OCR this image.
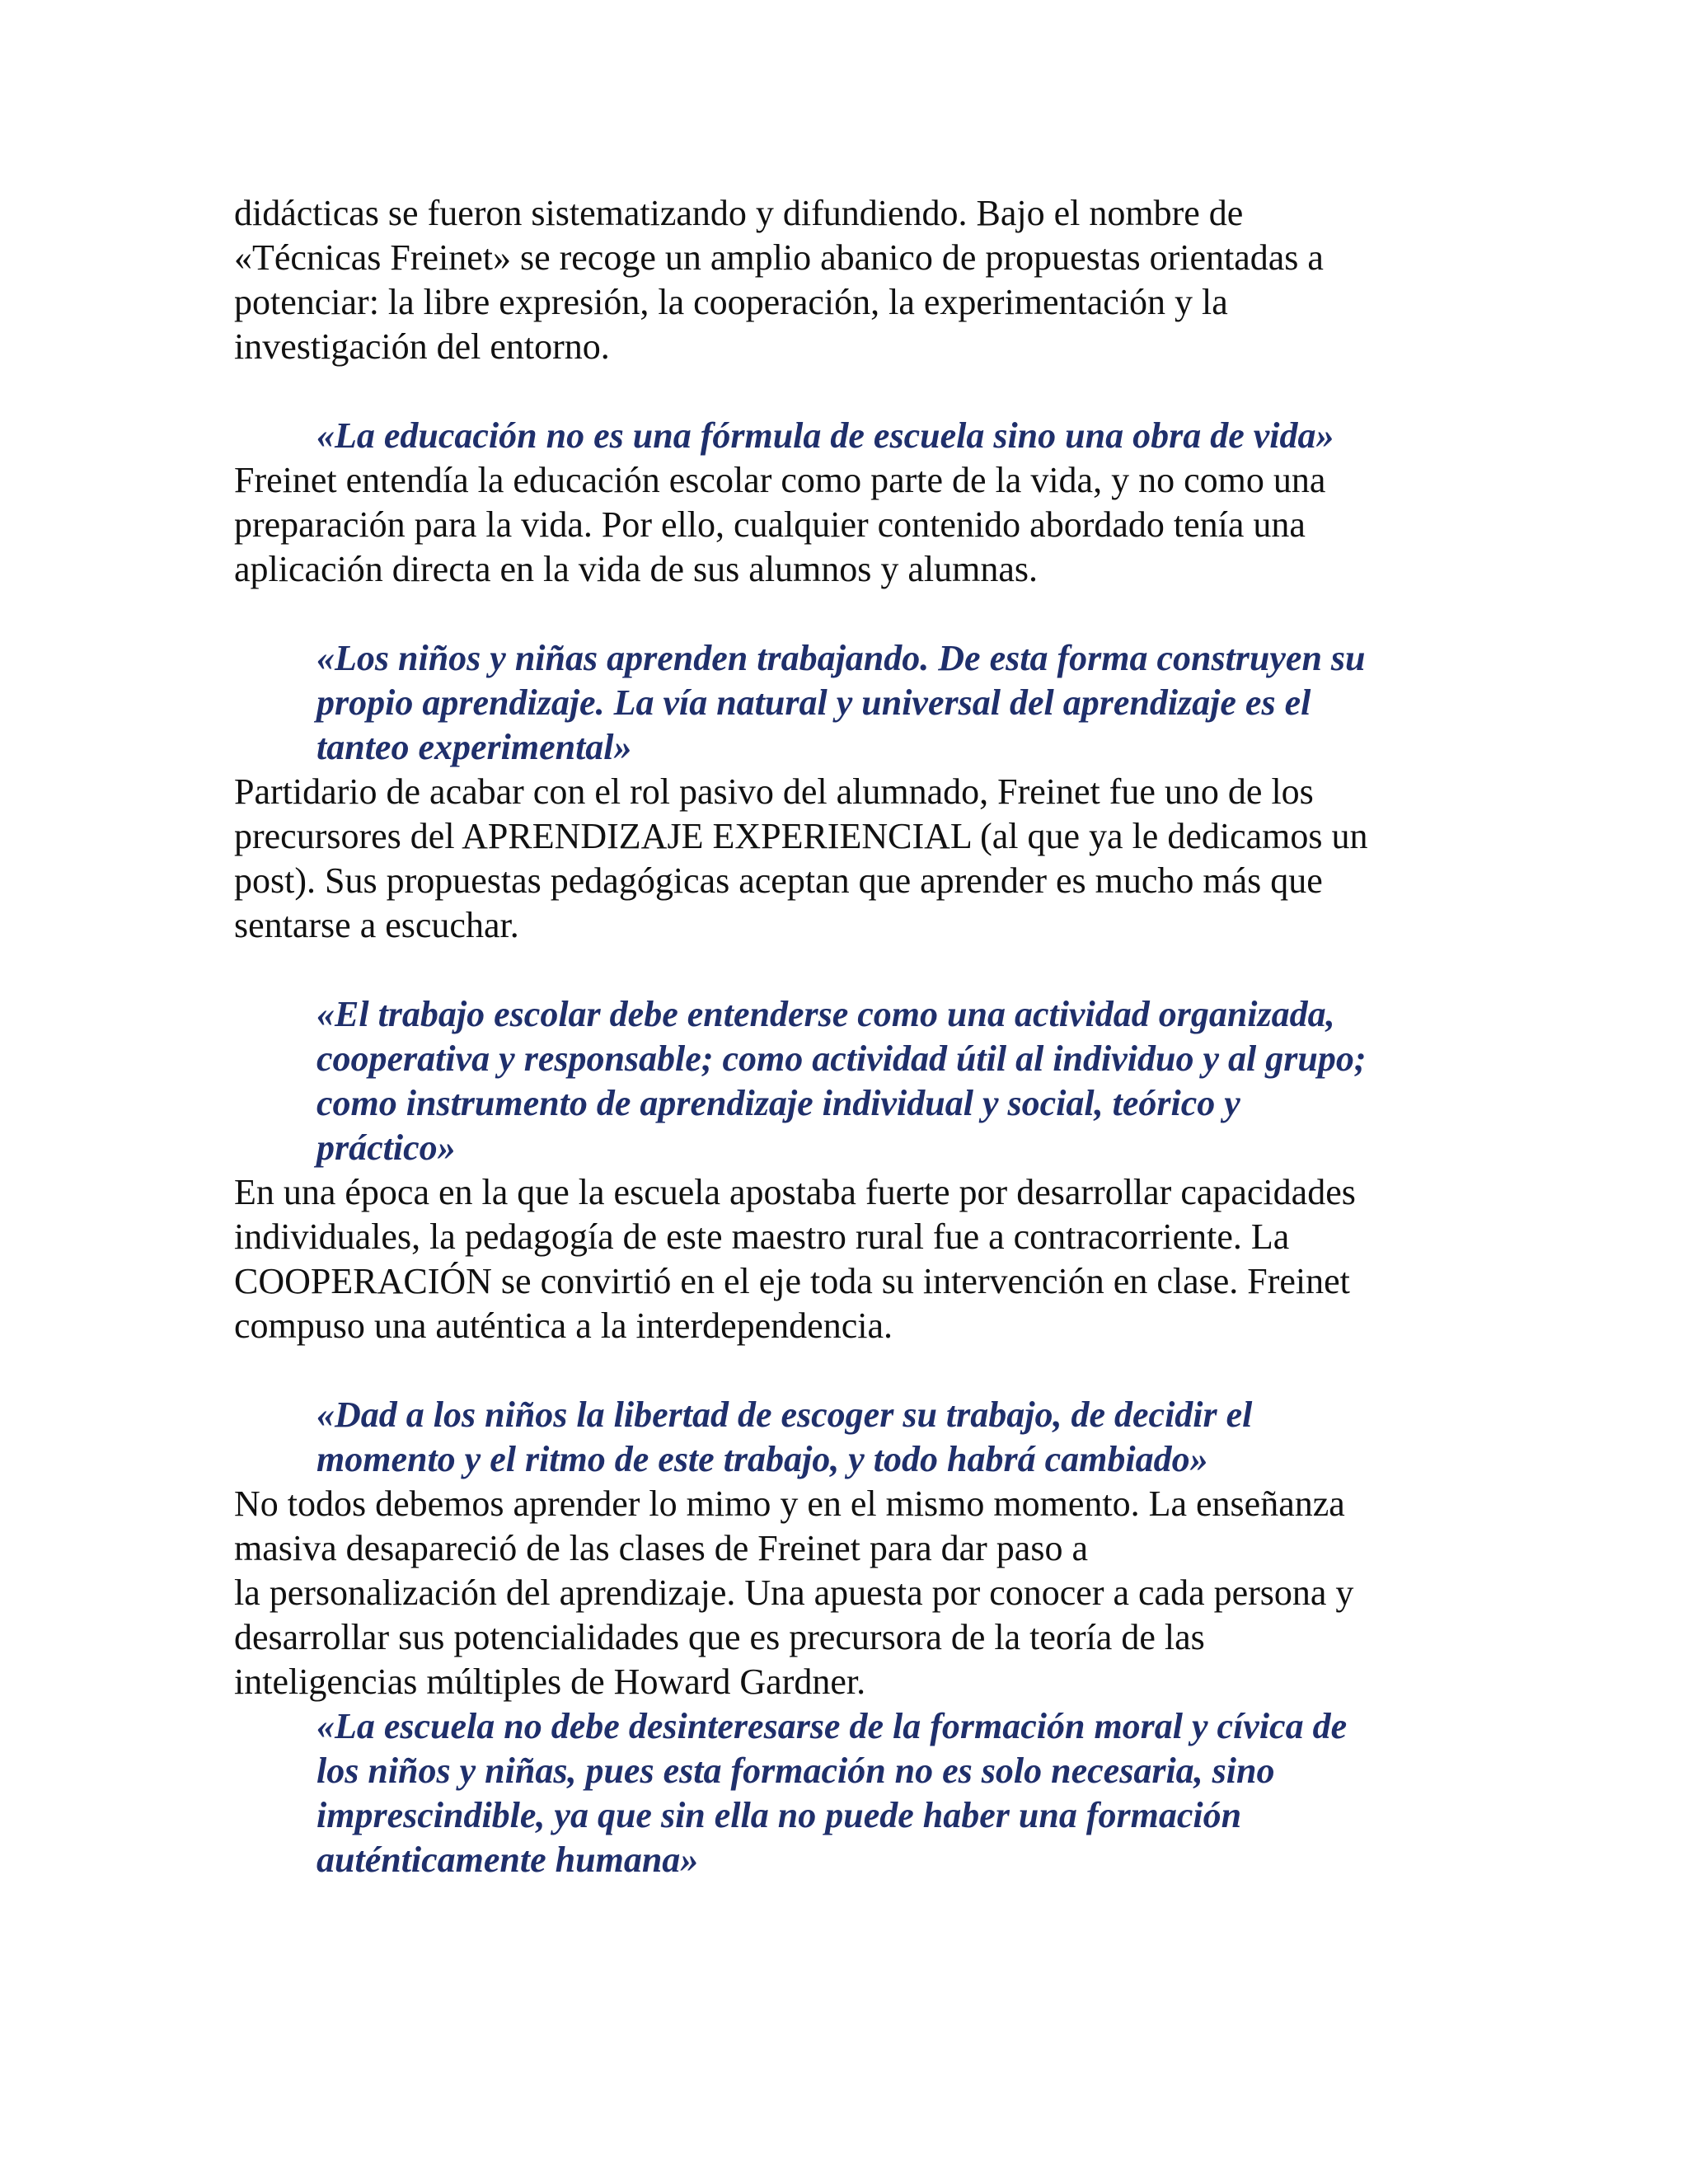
didácticas se fueron sistematizando y difundiendo. Bajo el nombre de
«Técnicas Freinet» se recoge un amplio abanico de propuestas orientadas a
potenciar: la libre expresión, la cooperación, la experimentación y la
investigación del entorno.

«La educación no es una fórmula de escuela sino una obra de vida»

Freinet entendía la educación escolar como parte de la vida, y no como una
preparación para la vida. Por ello, cualquier contenido abordado tenía una
aplicación directa en la vida de sus alumnos y alumnas.

«Los niños y niñas aprenden trabajando. De esta forma construyen su
propio aprendizaje. La vía natural y universal del aprendizaje es el
tanteo experimental»

Partidario de acabar con el rol pasivo del alumnado, Freinet fue uno de los
precursores del APRENDIZAJE EXPERIENCIAL (al que ya le dedicamos un
post). Sus propuestas pedagógicas aceptan que aprender es mucho más que
sentarse a escuchar.

«El trabajo escolar debe entenderse como una actividad organizada,
cooperativa y responsable; como actividad útil al individuo y al grupo;
como instrumento de aprendizaje individual y social, teórico y
práctico»

En una época en la que la escuela apostaba fuerte por desarrollar capacidades
individuales, la pedagogía de este maestro rural fue a contracorriente. La
COOPERACIÓN se convirtió en el eje toda su intervención en clase. Freinet
compuso una auténtica a la interdependencia.

«Dad a los niños la libertad de escoger su trabajo, de decidir el
momento y el ritmo de este trabajo, y todo habrá cambiado»

No todos debemos aprender lo mimo y en el mismo momento. La enseñanza
masiva desapareció de las clases de Freinet para dar paso a
la personalización del aprendizaje. Una apuesta por conocer a cada persona y
desarrollar sus potencialidades que es precursora de la teoría de las
inteligencias múltiples de Howard Gardner.

«La escuela no debe desinteresarse de la formación moral y cívica de
los niños y niñas, pues esta formación no es solo necesaria, sino
imprescindible, ya que sin ella no puede haber una formación
auténticamente humana»
